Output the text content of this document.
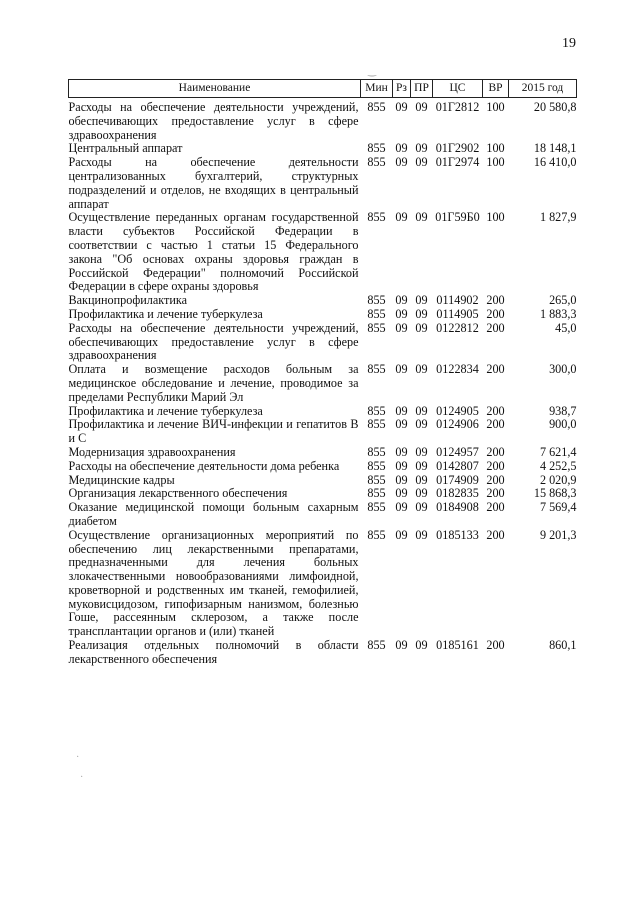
19
Наименование	Мин	Рз	ПР	ЦС	ВР	2015 год

Расходы на обеспечение деятельности учреждений, обеспечивающих предоставление услуг в сфере здравоохранения	855	09	09	01Г2812	100	20 580,8
Центральный аппарат	855	09	09	01Г2902	100	18 148,1
Расходы на обеспечение деятельности централизованных бухгалтерий, структурных подразделений и отделов, не входящих в центральный аппарат	855	09	09	01Г2974	100	16 410,0
Осуществление переданных органам государственной власти субъектов Российской Федерации в соответствии с частью 1 статьи 15 Федерального закона "Об основах охраны здоровья граждан в Российской Федерации" полномочий Российской Федерации в сфере охраны здоровья	855	09	09	01Г59Б0	100	1 827,9
Вакцинопрофилактика	855	09	09	0114902	200	265,0
Профилактика и лечение туберкулеза	855	09	09	0114905	200	1 883,3
Расходы на обеспечение деятельности учреждений, обеспечивающих предоставление услуг в сфере здравоохранения	855	09	09	0122812	200	45,0
Оплата и возмещение расходов больным за медицинское обследование и лечение, проводимое за пределами Республики Марий Эл	855	09	09	0122834	200	300,0
Профилактика и лечение туберкулеза	855	09	09	0124905	200	938,7
Профилактика и лечение ВИЧ-инфекции и гепатитов В и С	855	09	09	0124906	200	900,0
Модернизация здравоохранения	855	09	09	0124957	200	7 621,4
Расходы на обеспечение деятельности дома ребенка	855	09	09	0142807	200	4 252,5
Медицинские кадры	855	09	09	0174909	200	2 020,9
Организация лекарственного обеспечения	855	09	09	0182835	200	15 868,3
Оказание медицинской помощи больным сахарным диабетом	855	09	09	0184908	200	7 569,4
Осуществление организационных мероприятий по обеспечению лиц лекарственными препаратами, предназначенными для лечения больных злокачественными новообразованиями лимфоидной, кроветворной и родственных им тканей, гемофилией, муковисцидозом, гипофизарным нанизмом, болезнью Гоше, рассеянным склерозом, а также после трансплантации органов и (или) тканей	855	09	09	0185133	200	9 201,3
Реализация отдельных полномочий в области лекарственного обеспечения	855	09	09	0185161	200	860,1
‿
·
·
